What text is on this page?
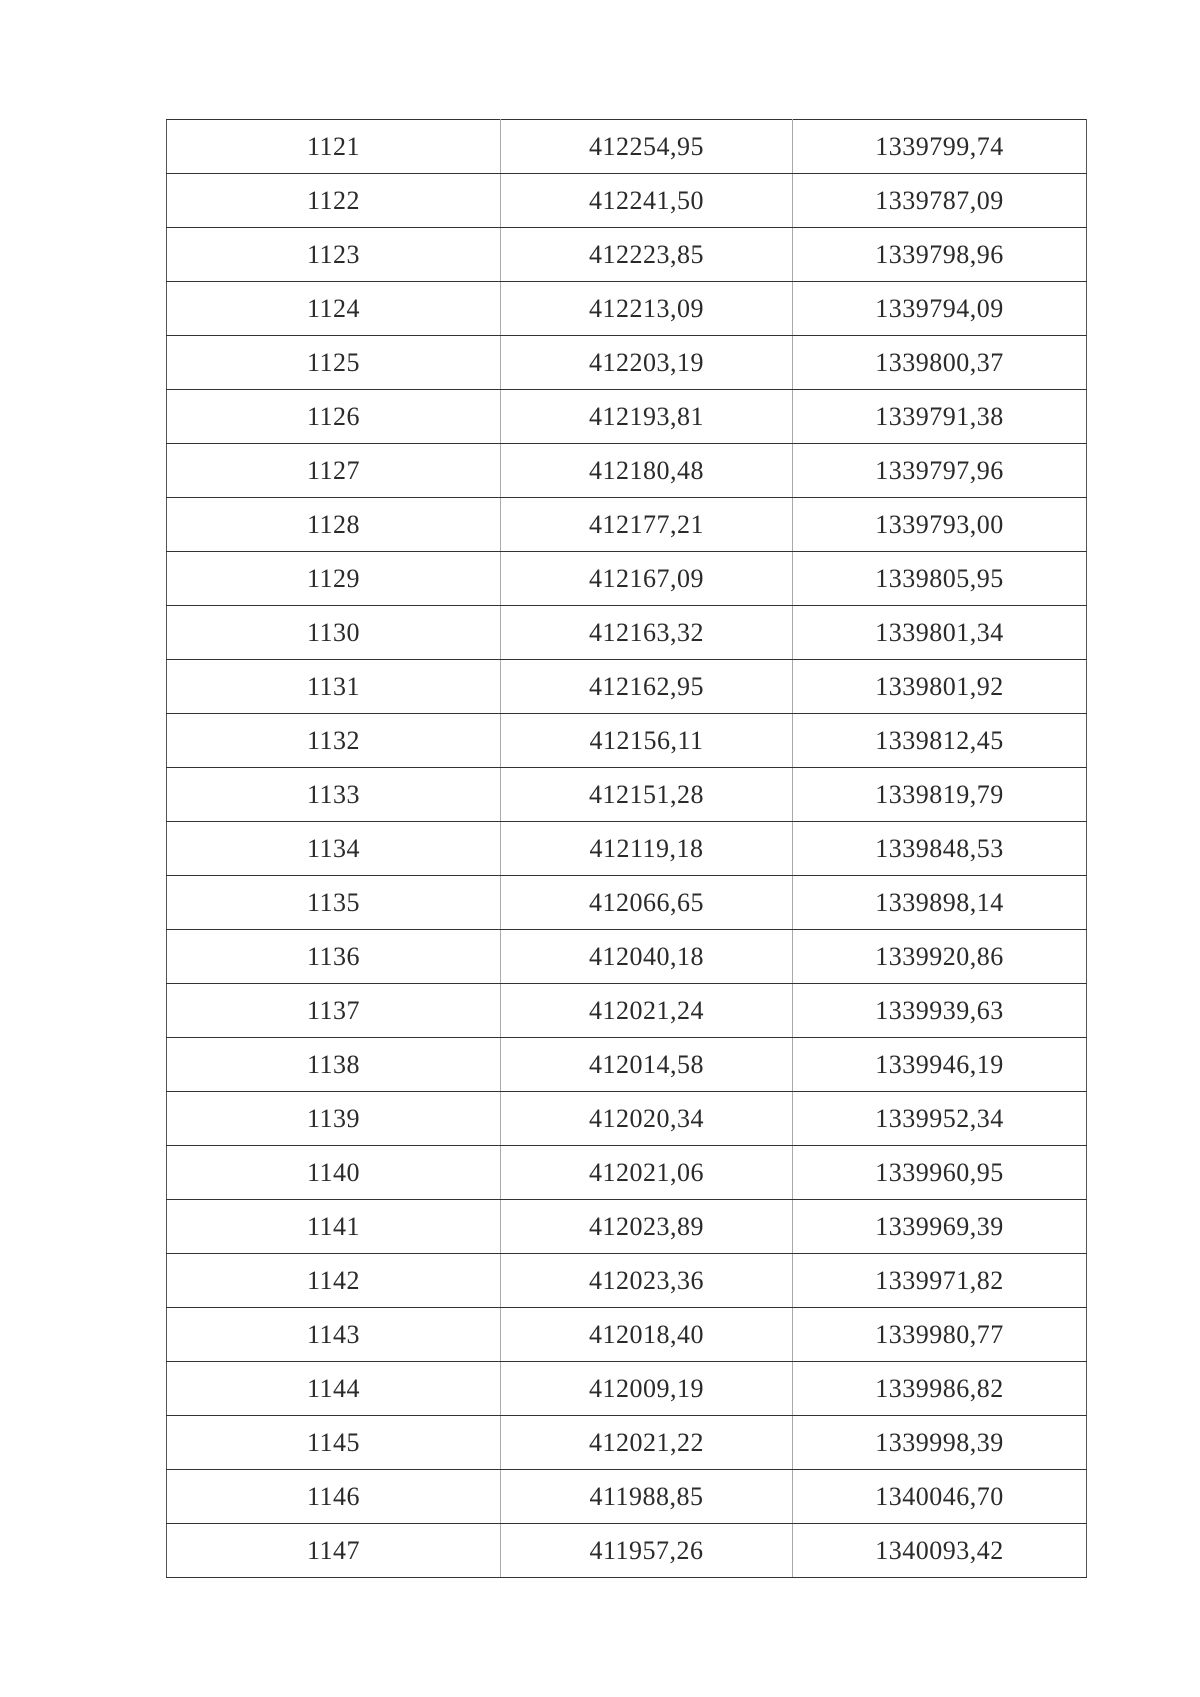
1121	412254,95	1339799,74
1122	412241,50	1339787,09
1123	412223,85	1339798,96
1124	412213,09	1339794,09
1125	412203,19	1339800,37
1126	412193,81	1339791,38
1127	412180,48	1339797,96
1128	412177,21	1339793,00
1129	412167,09	1339805,95
1130	412163,32	1339801,34
1131	412162,95	1339801,92
1132	412156,11	1339812,45
1133	412151,28	1339819,79
1134	412119,18	1339848,53
1135	412066,65	1339898,14
1136	412040,18	1339920,86
1137	412021,24	1339939,63
1138	412014,58	1339946,19
1139	412020,34	1339952,34
1140	412021,06	1339960,95
1141	412023,89	1339969,39
1142	412023,36	1339971,82
1143	412018,40	1339980,77
1144	412009,19	1339986,82
1145	412021,22	1339998,39
1146	411988,85	1340046,70
1147	411957,26	1340093,42
